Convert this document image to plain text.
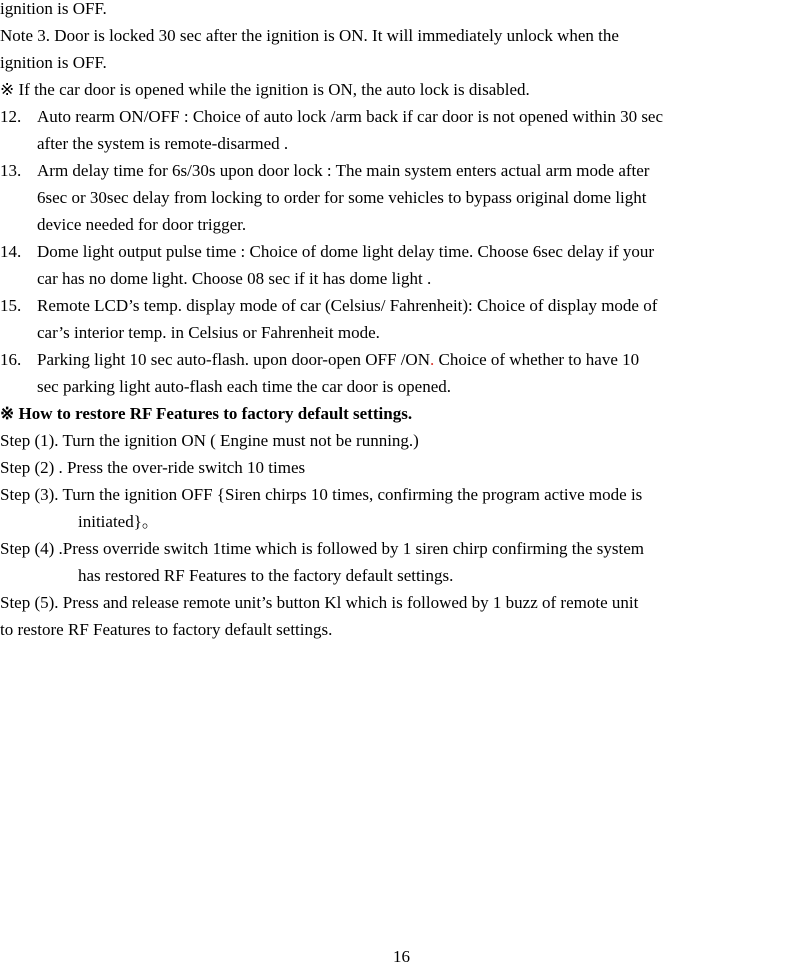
ignition is OFF.
Note 3. Door is locked 30 sec after the ignition is ON. It will immediately unlock when the
ignition is OFF.
※ If the car door is opened while the ignition is ON, the auto lock is disabled.
12. Auto rearm ON/OFF : Choice of auto lock /arm back if car door is not opened within 30 sec
after the system is remote-disarmed .
13. Arm delay time for 6s/30s upon door lock : The main system enters actual arm mode after
6sec or 30sec delay from locking to order for some vehicles to bypass original dome light
device needed for door trigger.
14. Dome light output pulse time : Choice of dome light delay time. Choose 6sec delay if your
car has no dome light. Choose 08 sec if it has dome light .
15. Remote LCD’s temp. display mode of car (Celsius/ Fahrenheit): Choice of display mode of
car’s interior temp. in Celsius or Fahrenheit mode.
16. Parking light 10 sec auto-flash. upon door-open OFF /ON. Choice of whether to have 10
sec parking light auto-flash each time the car door is opened.
※ How to restore RF Features to factory default settings.
Step (1). Turn the ignition ON ( Engine must not be running.)
Step (2) . Press the over-ride switch 10 times
Step (3). Turn the ignition OFF {Siren chirps 10 times, confirming the program active mode is
initiated}。
Step (4) .Press override switch 1time which is followed by 1 siren chirp confirming the system
has restored RF Features to the factory default settings.
Step (5). Press and release remote unit’s button Kl which is followed by 1 buzz of remote unit
to restore RF Features to factory default settings.
16
